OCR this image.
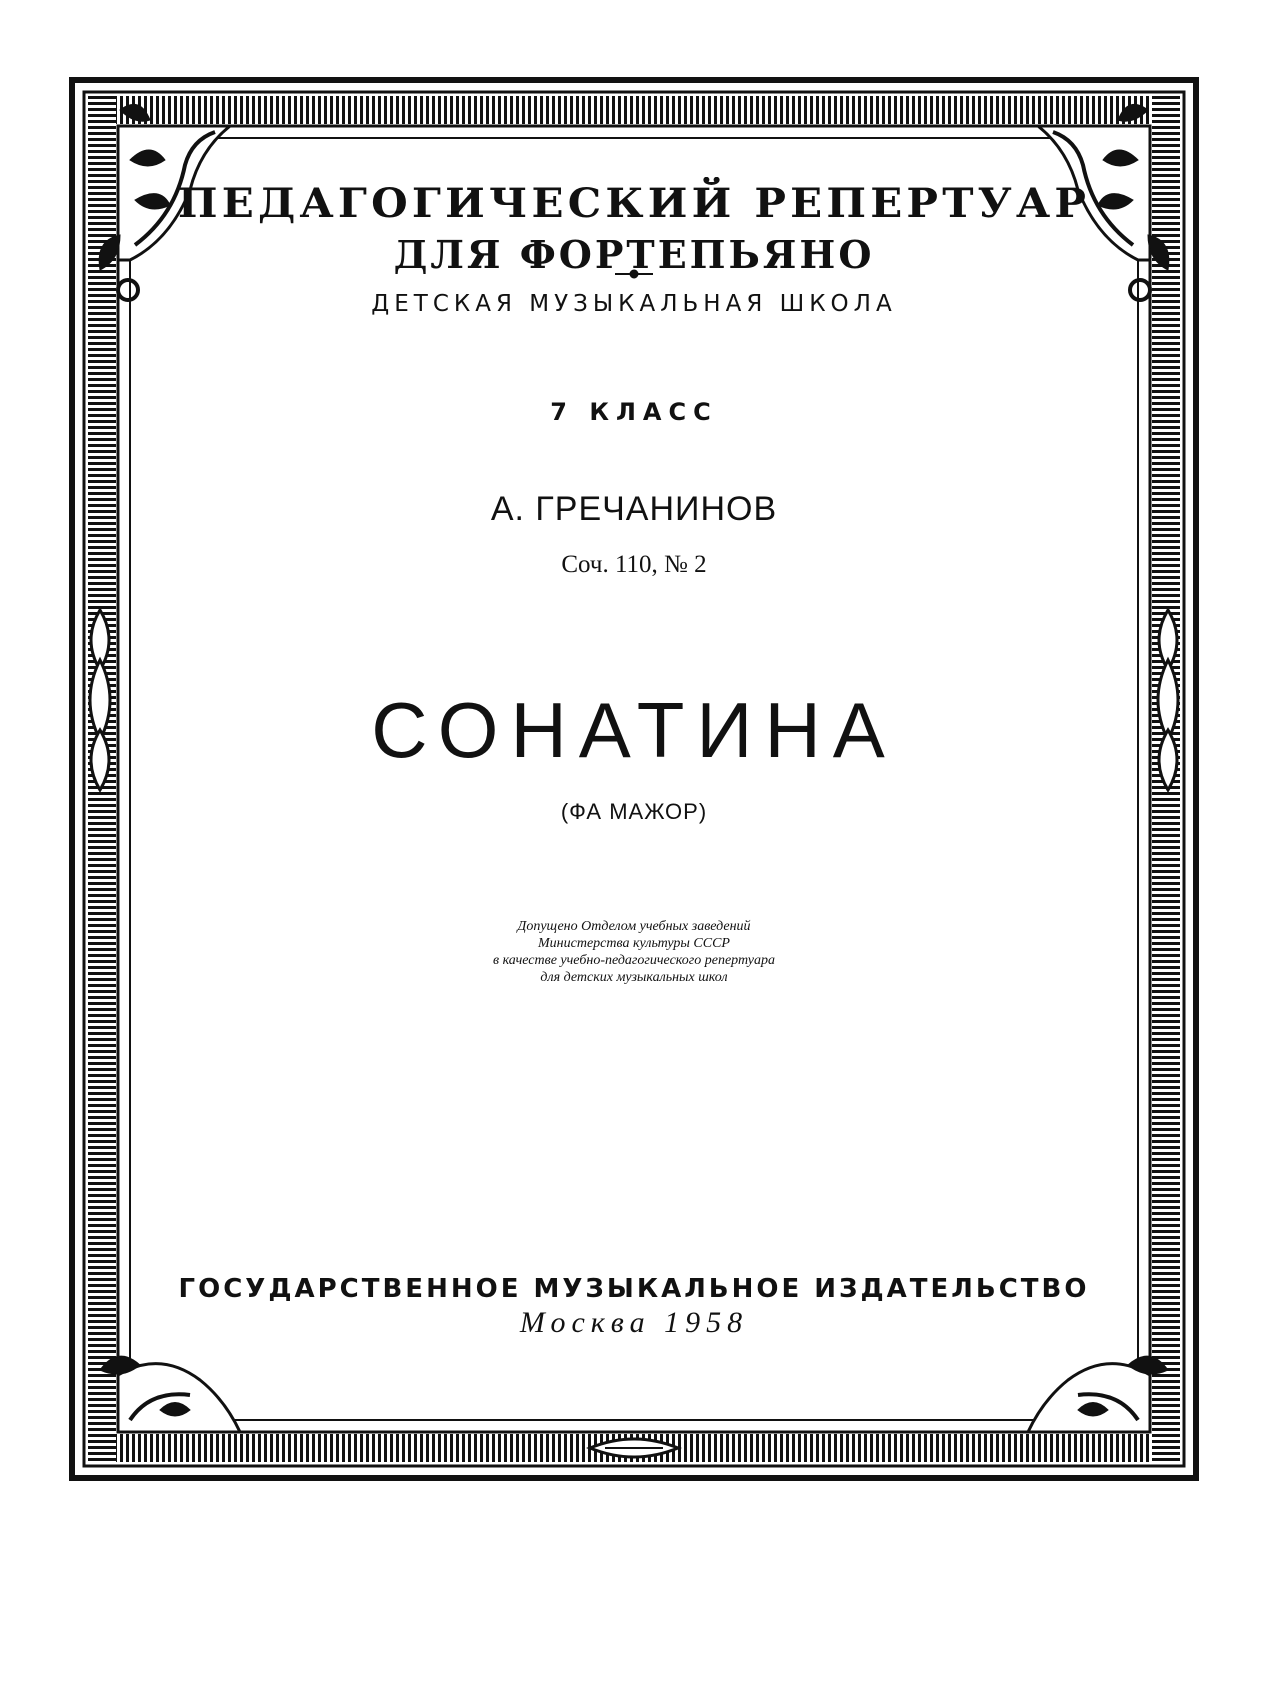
ПЕДАГОГИЧЕСКИЙ РЕПЕРТУАР
ДЛЯ ФОРТЕПЬЯНО
ДЕТСКАЯ МУЗЫКАЛЬНАЯ ШКОЛА
7 КЛАСС
А. ГРЕЧАНИНОВ
Соч. 110, № 2
СОНАТИНА
(ФА МАЖОР)
Допущено Отделом учебных заведений
Министерства культуры СССР
в качестве учебно-педагогического репертуара
для детских музыкальных школ
ГОСУДАРСТВЕННОЕ МУЗЫКАЛЬНОЕ ИЗДАТЕЛЬСТВО
Москва 1958
